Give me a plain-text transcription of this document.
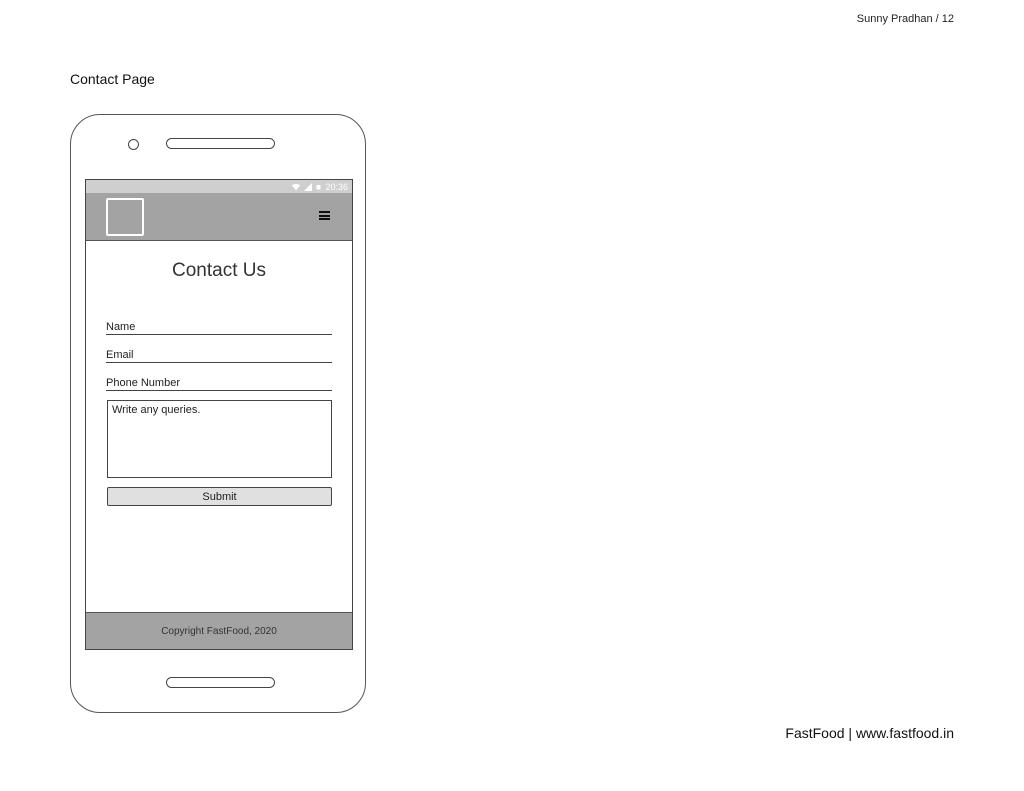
Sunny Pradhan / 12
Contact Page
20:36
Contact Us
Name
Email
Phone Number
Write any queries.
Submit
Copyright FastFood, 2020
FastFood | www.fastfood.in
